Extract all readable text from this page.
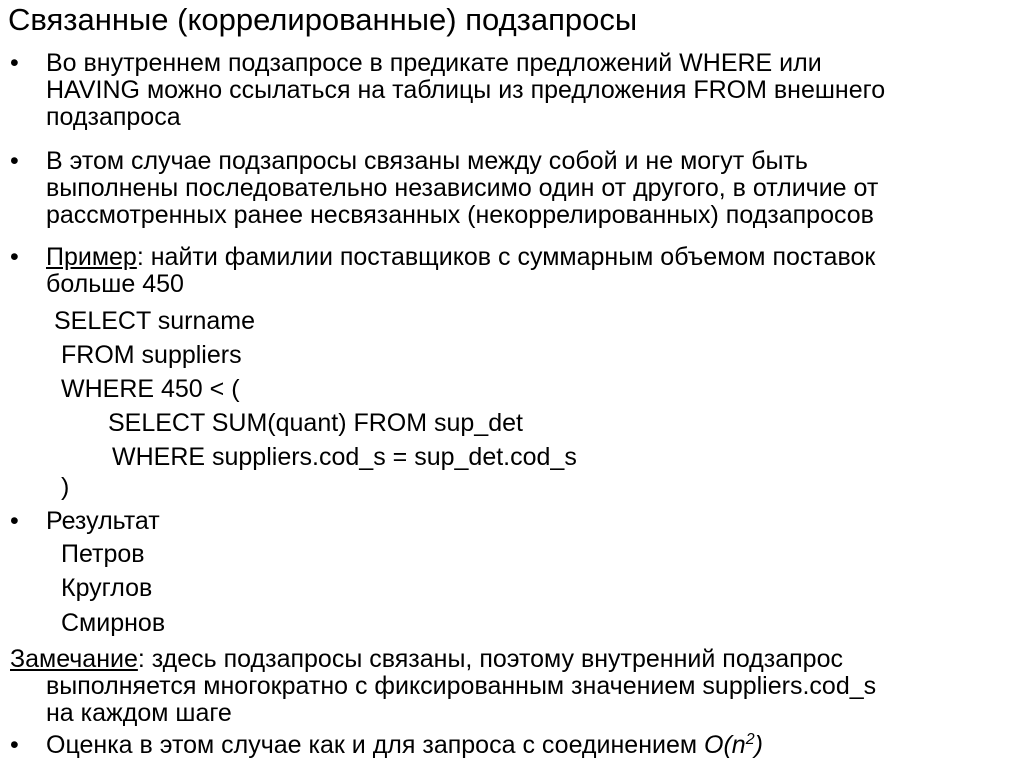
Связанные (коррелированные) подзапросы
• Во внутреннем подзапросе в предикате предложений WHERE или
HAVING можно ссылаться на таблицы из предложения FROM внешнего
подзапроса
• В этом случае подзапросы связаны между собой и не могут быть
выполнены последовательно независимо один от другого, в отличие от
рассмотренных ранее несвязанных (некоррелированных) подзапросов
• Пример: найти фамилии поставщиков с суммарным объемом поставок
больше 450
SELECT surname
FROM suppliers
WHERE 450 < (
SELECT SUM(quant) FROM sup_det
WHERE suppliers.cod_s = sup_det.cod_s
)
• Результат
Петров
Круглов
Смирнов
Замечание: здесь подзапросы связаны, поэтому внутренний подзапрос
выполняется многократно с фиксированным значением suppliers.cod_s
на каждом шаге
• Оценка в этом случае как и для запроса с соединением $O(n^2)$
